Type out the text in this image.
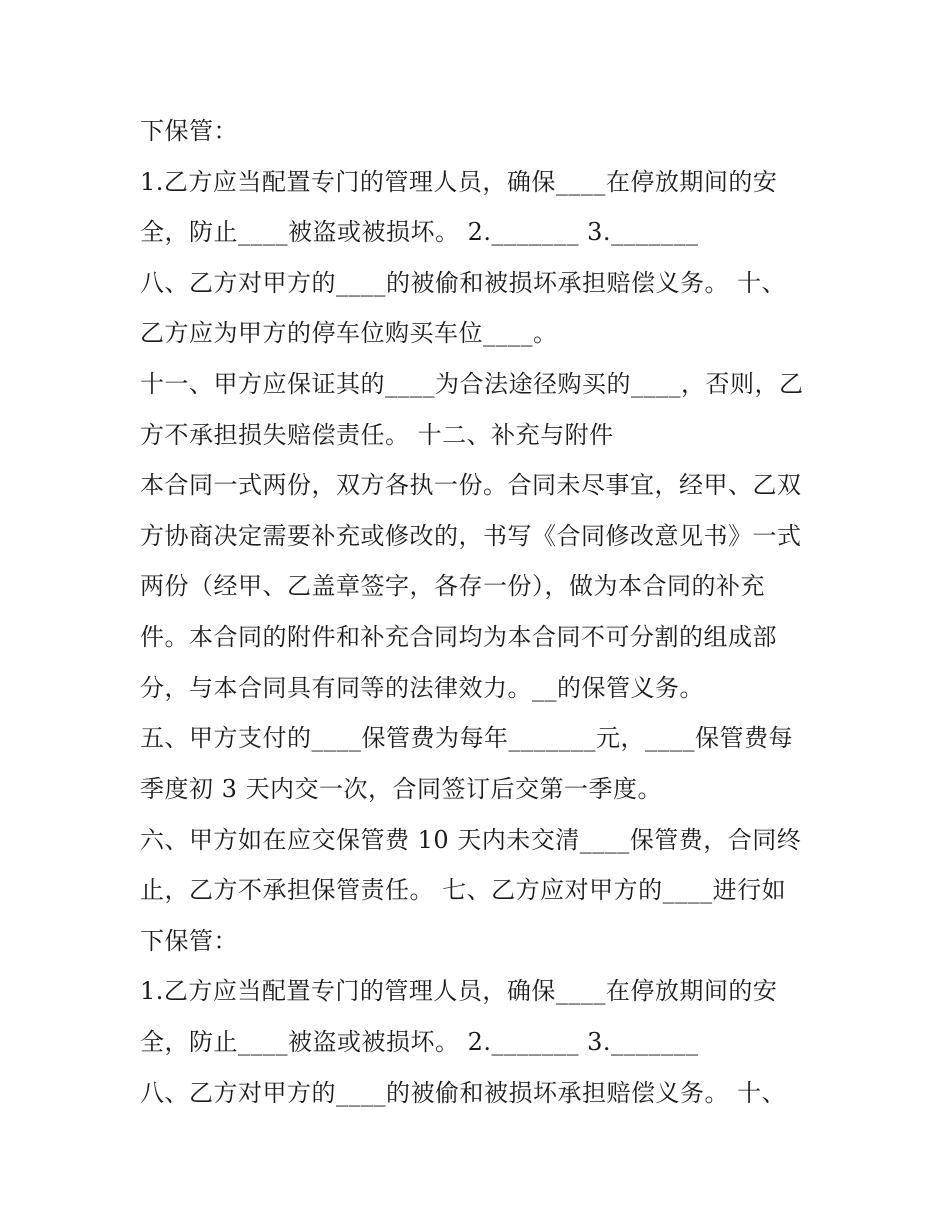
下保管：
1.乙方应当配置专门的管理人员，确保____在停放期间的安
全，防止____被盗或被损坏。 2._______ 3._______
八、乙方对甲方的____的被偷和被损坏承担赔偿义务。 十、
乙方应为甲方的停车位购买车位____。
十一、甲方应保证其的____为合法途径购买的____，否则，乙
方不承担损失赔偿责任。 十二、补充与附件
本合同一式两份，双方各执一份。合同未尽事宜，经甲、乙双
方协商决定需要补充或修改的，书写《合同修改意见书》一式
两份（经甲、乙盖章签字，各存一份），做为本合同的补充
件。本合同的附件和补充合同均为本合同不可分割的组成部
分，与本合同具有同等的法律效力。__的保管义务。
五、甲方支付的____保管费为每年_______元，____保管费每
季度初 3 天内交一次，合同签订后交第一季度。
六、甲方如在应交保管费 10 天内未交清____保管费，合同终
止，乙方不承担保管责任。 七、乙方应对甲方的____进行如
下保管：
1.乙方应当配置专门的管理人员，确保____在停放期间的安
全，防止____被盗或被损坏。 2._______ 3._______
八、乙方对甲方的____的被偷和被损坏承担赔偿义务。 十、
